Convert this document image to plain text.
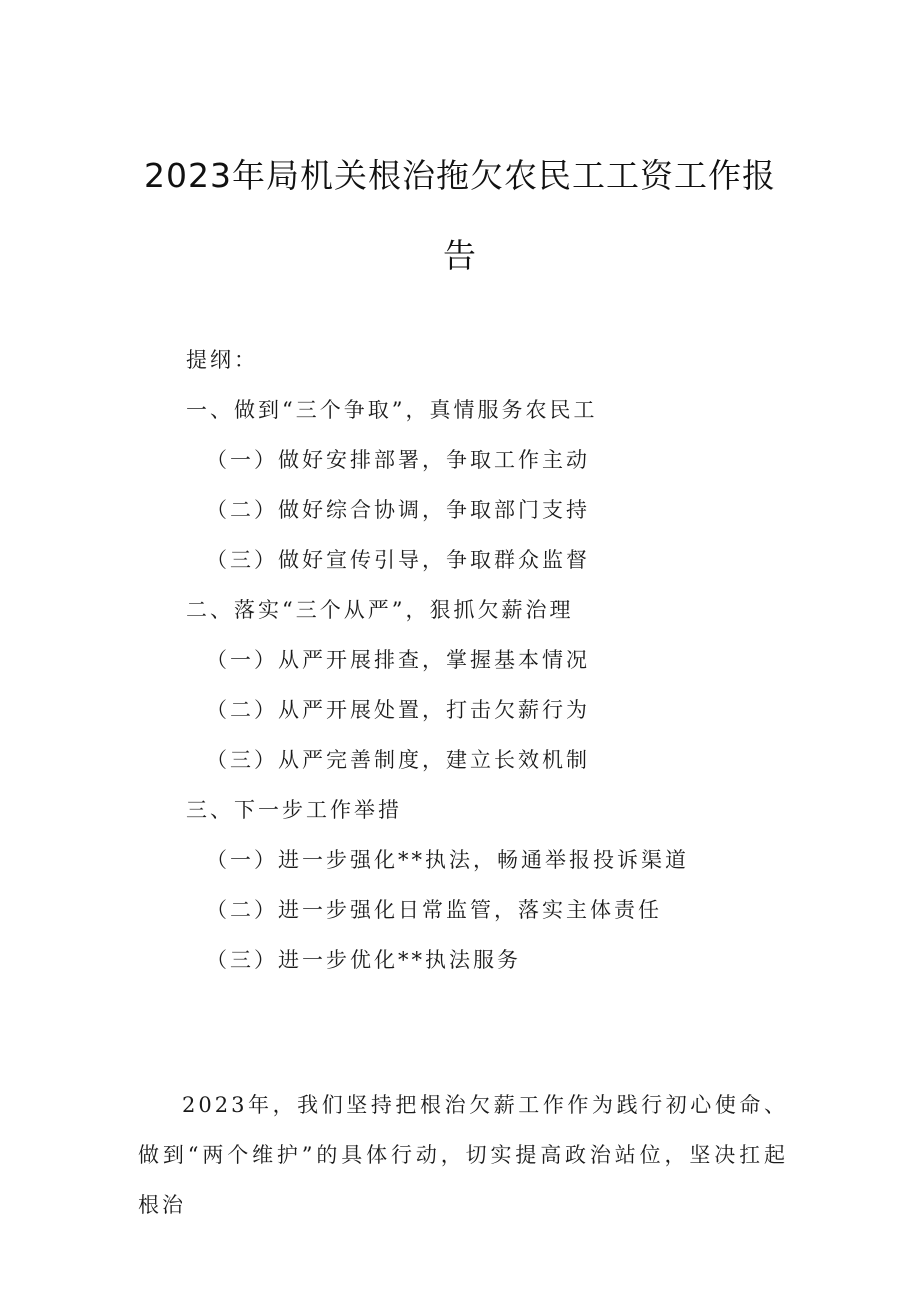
2023年局机关根治拖欠农民工工资工作报
告
提纲：
一、做到“三个争取”，真情服务农民工
（一）做好安排部署，争取工作主动
（二）做好综合协调，争取部门支持
（三）做好宣传引导，争取群众监督
二、落实“三个从严”，狠抓欠薪治理
（一）从严开展排查，掌握基本情况
（二）从严开展处置，打击欠薪行为
（三）从严完善制度，建立长效机制
三、下一步工作举措
（一）进一步强化**执法，畅通举报投诉渠道
（二）进一步强化日常监管，落实主体责任
（三）进一步优化**执法服务

2023年，我们坚持把根治欠薪工作作为践行初心使命、做到“两个维护”的具体行动，切实提高政治站位，坚决扛起根治
